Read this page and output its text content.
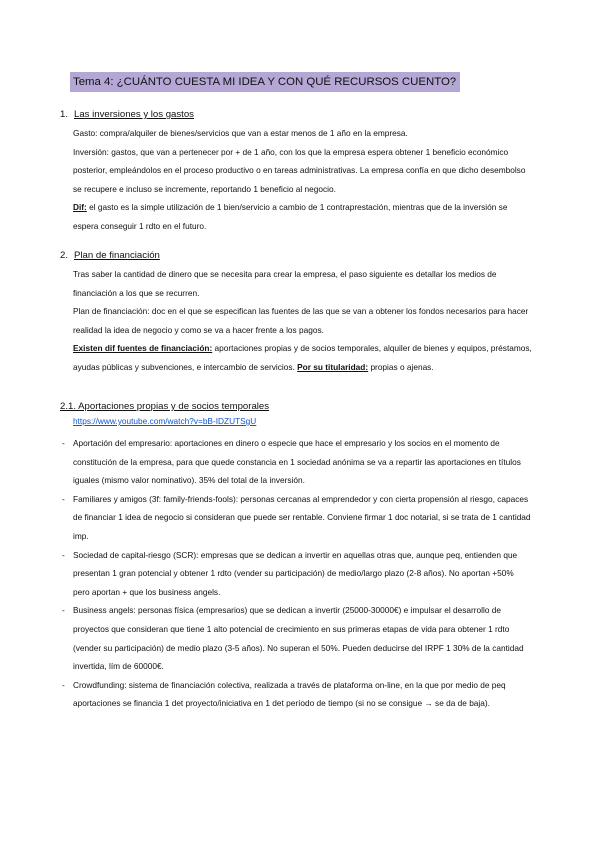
Tema 4: ¿CUÁNTO CUESTA MI IDEA Y CON QUÉ RECURSOS CUENTO?
1. Las inversiones y los gastos

Gasto: compra/alquiler de bienes/servicios que van a estar menos de 1 año en la empresa.

Inversión: gastos, que van a pertenecer por + de 1 año, con los que la empresa espera obtener 1 beneficio económico posterior, empleándolos en el proceso productivo o en tareas administrativas. La empresa confía en que dicho desembolso se recupere e incluso se incremente, reportando 1 beneficio al negocio.

Dif: el gasto es la simple utilización de 1 bien/servicio a cambio de 1 contraprestación, mientras que de la inversión se espera conseguir 1 rdto en el futuro.

2. Plan de financiación

Tras saber la cantidad de dinero que se necesita para crear la empresa, el paso siguiente es detallar los medios de financiación a los que se recurren.

Plan de financiación: doc en el que se especifican las fuentes de las que se van a obtener los fondos necesarios para hacer realidad la idea de negocio y como se va a hacer frente a los pagos.

Existen dif fuentes de financiación: aportaciones propias y de socios temporales, alquiler de bienes y equipos, préstamos, ayudas públicas y subvenciones, e intercambio de servicios. Por su titularidad: propias o ajenas.

2.1. Aportaciones propias y de socios temporales
https://www.youtube.com/watch?v=bB-IDZUTSgU
- Aportación del empresario: aportaciones en dinero o especie que hace el empresario y los socios en el momento de constitución de la empresa, para que quede constancia en 1 sociedad anónima se va a repartir las aportaciones en títulos iguales (mismo valor nominativo). 35% del total de la inversión.
- Familiares y amigos (3f: family-friends-fools): personas cercanas al emprendedor y con cierta propensión al riesgo, capaces de financiar 1 idea de negocio si consideran que puede ser rentable. Conviene firmar 1 doc notarial, si se trata de 1 cantidad imp.
- Sociedad de capital-riesgo (SCR): empresas que se dedican a invertir en aquellas otras que, aunque peq, entienden que presentan 1 gran potencial y obtener 1 rdto (vender su participación) de medio/largo plazo (2-8 años). No aportan +50% pero aportan + que los business angels.
- Business angels: personas física (empresarios) que se dedican a invertir (25000-30000€) e impulsar el desarrollo de proyectos que consideran que tiene 1 alto potencial de crecimiento en sus primeras etapas de vida para obtener 1 rdto (vender su participación) de medio plazo (3-5 años). No superan el 50%. Pueden deducirse del IRPF 1 30% de la cantidad invertida, lím de 60000€.
- Crowdfunding: sistema de financiación colectiva, realizada a través de plataforma on-line, en la que por medio de peq aportaciones se financia 1 det proyecto/iniciativa en 1 det período de tiempo (si no se consigue → se da de baja).
